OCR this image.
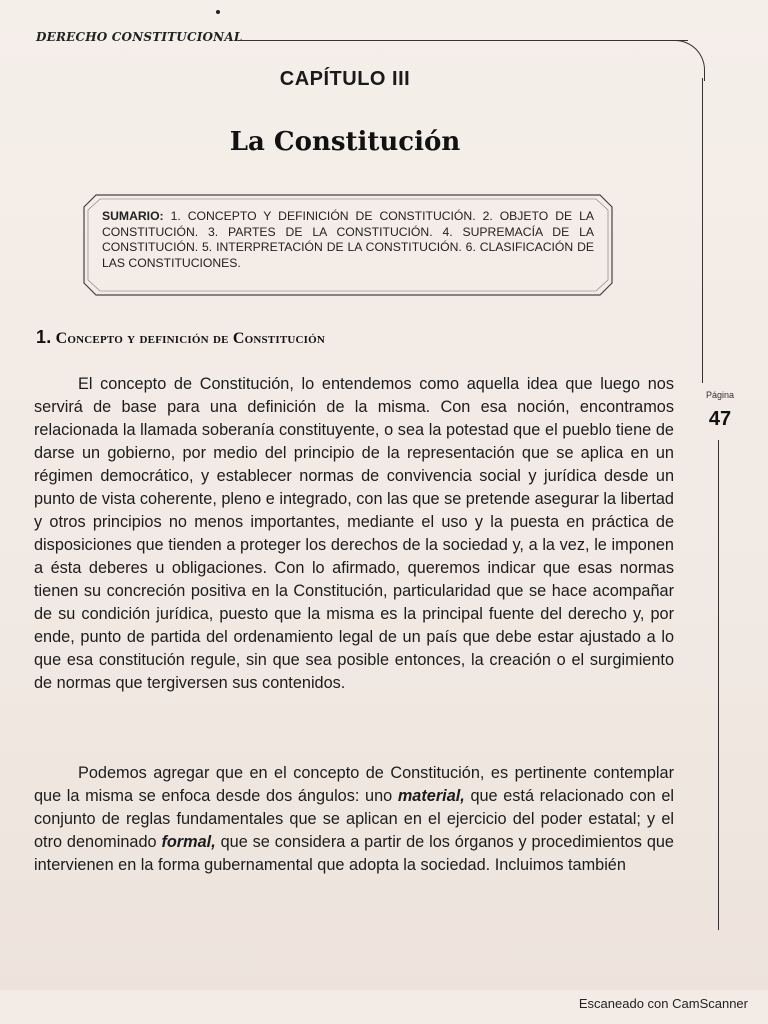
DERECHO CONSTITUCIONAL
Página
47
CAPÍTULO III
La Constitución
SUMARIO: 1. CONCEPTO Y DEFINICIÓN DE CONSTITUCIÓN. 2. OBJETO DE LA CONSTITUCIÓN. 3. PARTES DE LA CONSTITUCIÓN. 4. SUPREMACÍA DE LA CONSTITUCIÓN. 5. INTERPRETACIÓN DE LA CONSTITUCIÓN. 6. CLASIFICACIÓN DE LAS CONSTITUCIONES.
1. Concepto y definición de Constitución

El concepto de Constitución, lo entendemos como aquella idea que luego nos servirá de base para una definición de la misma. Con esa noción, encontramos relacionada la llamada soberanía constituyente, o sea la potestad que el pueblo tiene de darse un gobierno, por medio del principio de la representación que se aplica en un régimen democrático, y establecer normas de convivencia social y jurídica desde un punto de vista coherente, pleno e integrado, con las que se pretende asegurar la libertad y otros principios no menos importantes, mediante el uso y la puesta en práctica de disposiciones que tienden a proteger los derechos de la sociedad y, a la vez, le imponen a ésta deberes u obligaciones. Con lo afirmado, queremos indicar que esas normas tienen su concreción positiva en la Constitución, particularidad que se hace acompañar de su condición jurídica, puesto que la misma es la principal fuente del derecho y, por ende, punto de partida del ordenamiento legal de un país que debe estar ajustado a lo que esa constitución regule, sin que sea posible entonces, la creación o el surgimiento de normas que tergiversen sus contenidos.

Podemos agregar que en el concepto de Constitución, es pertinente contemplar que la misma se enfoca desde dos ángulos: uno material, que está relacionado con el conjunto de reglas fundamentales que se aplican en el ejercicio del poder estatal; y el otro denominado formal, que se considera a partir de los órganos y procedimientos que intervienen en la forma gubernamental que adopta la sociedad. Incluimos también

Escaneado con CamScanner
